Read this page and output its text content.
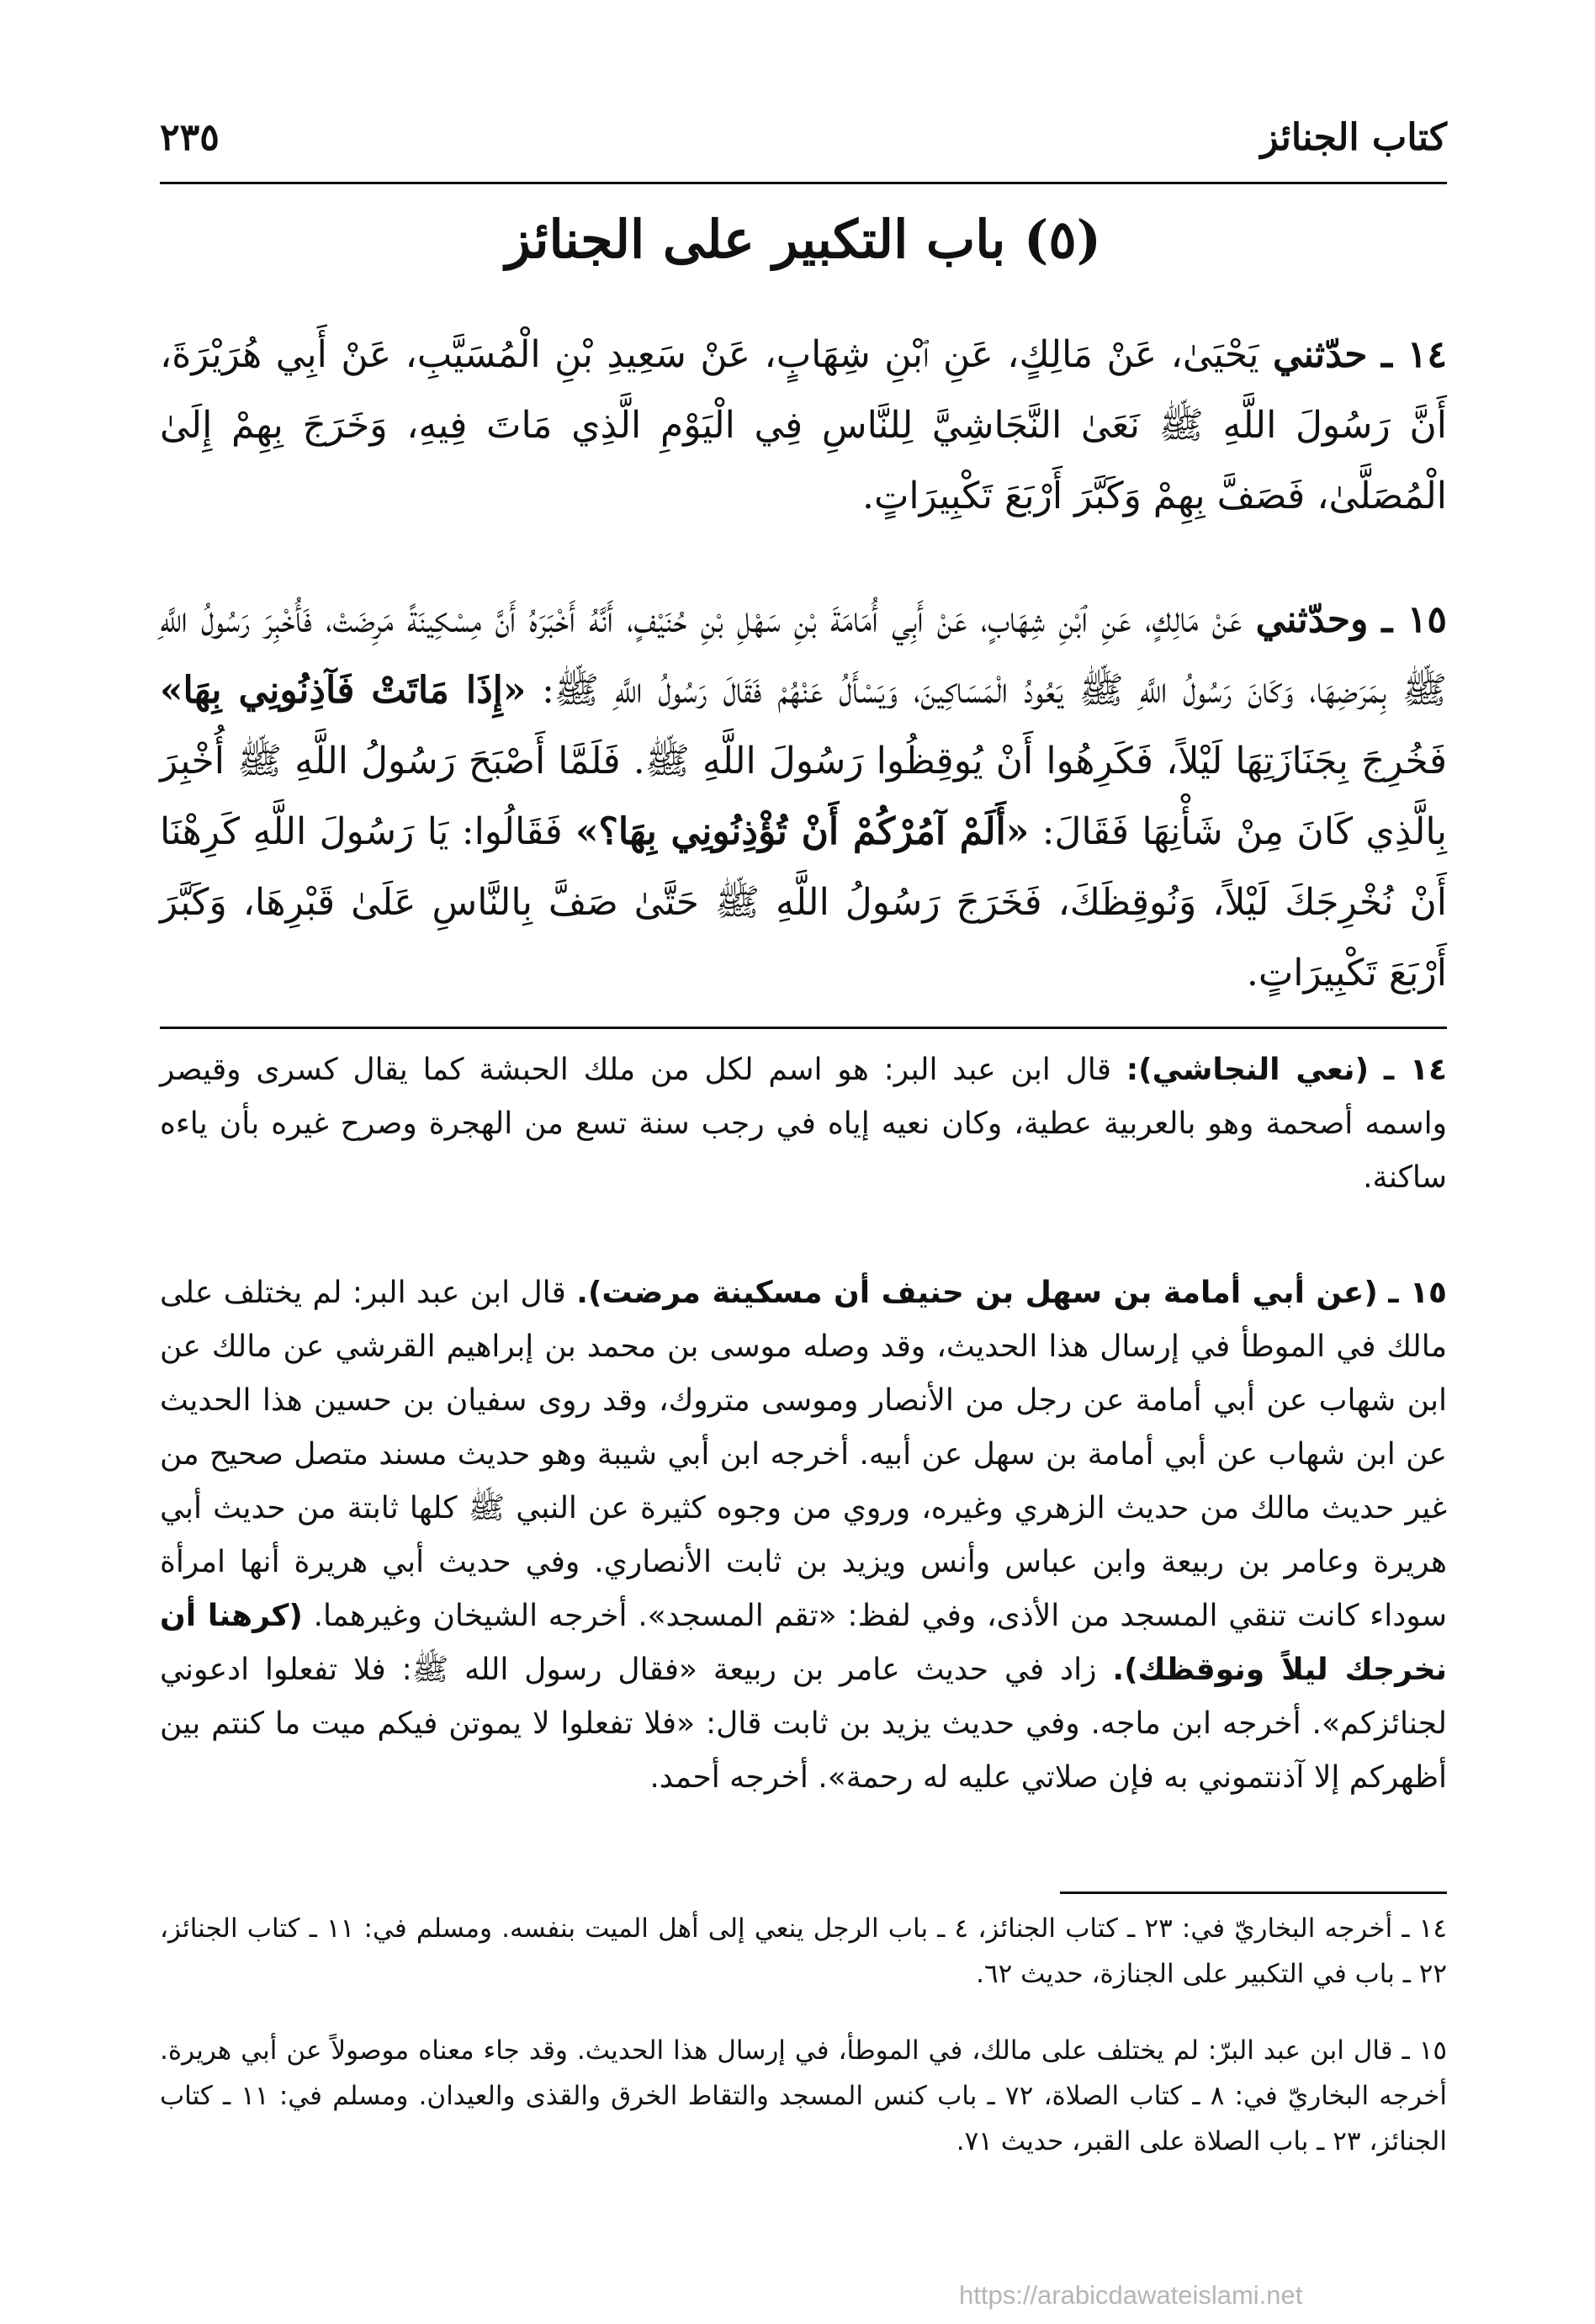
كتاب الجنائز
٢٣٥
(٥) باب التكبير على الجنائز

١٤ ـ حدّثني يَحْيَىٰ، عَنْ مَالِكٍ، عَنِ ٱبْنِ شِهَابٍ، عَنْ سَعِيدِ بْنِ الْمُسَيَّبِ، عَنْ أَبِي هُرَيْرَةَ، أَنَّ رَسُولَ اللَّهِ ﷺ نَعَىٰ النَّجَاشِيَّ لِلنَّاسِ فِي الْيَوْمِ الَّذِي مَاتَ فِيهِ، وَخَرَجَ بِهِمْ إِلَىٰ الْمُصَلَّىٰ، فَصَفَّ بِهِمْ وَكَبَّرَ أَرْبَعَ تَكْبِيرَاتٍ.

١٥ ـ وحدّثني عَنْ مَالِكٍ، عَنِ ٱبْنِ شِهَابٍ، عَنْ أَبِي أُمَامَةَ بْنِ سَهْلِ بْنِ حُنَيْفٍ، أَنَّهُ أَخْبَرَهُ أَنَّ مِسْكِينَةً مَرِضَتْ، فَأُخْبِرَ رَسُولُ اللَّهِ ﷺ بِمَرَضِهَا، وَكَانَ رَسُولُ اللَّهِ ﷺ يَعُودُ الْمَسَاكِينَ، وَيَسْأَلُ عَنْهُمْ فَقَالَ رَسُولُ اللَّهِ ﷺ: «إِذَا مَاتَتْ فَآذِنُونِي بِهَا» فَخُرِجَ بِجَنَازَتِهَا لَيْلاً، فَكَرِهُوا أَنْ يُوقِظُوا رَسُولَ اللَّهِ ﷺ. فَلَمَّا أَصْبَحَ رَسُولُ اللَّهِ ﷺ أُخْبِرَ بِالَّذِي كَانَ مِنْ شَأْنِهَا فَقَالَ: «أَلَمْ آمُرْكُمْ أَنْ تُؤْذِنُونِي بِهَا؟» فَقَالُوا: يَا رَسُولَ اللَّهِ كَرِهْنَا أَنْ نُخْرِجَكَ لَيْلاً، وَنُوقِظَكَ، فَخَرَجَ رَسُولُ اللَّهِ ﷺ حَتَّىٰ صَفَّ بِالنَّاسِ عَلَىٰ قَبْرِهَا، وَكَبَّرَ أَرْبَعَ تَكْبِيرَاتٍ.

١٤ ـ (نعي النجاشي): قال ابن عبد البر: هو اسم لكل من ملك الحبشة كما يقال كسرى وقيصر واسمه أصحمة وهو بالعربية عطية، وكان نعيه إياه في رجب سنة تسع من الهجرة وصرح غيره بأن ياءه ساكنة.

١٥ ـ (عن أبي أمامة بن سهل بن حنيف أن مسكينة مرضت). قال ابن عبد البر: لم يختلف على مالك في الموطأ في إرسال هذا الحديث، وقد وصله موسى بن محمد بن إبراهيم القرشي عن مالك عن ابن شهاب عن أبي أمامة عن رجل من الأنصار وموسى متروك، وقد روى سفيان بن حسين هذا الحديث عن ابن شهاب عن أبي أمامة بن سهل عن أبيه. أخرجه ابن أبي شيبة وهو حديث مسند متصل صحيح من غير حديث مالك من حديث الزهري وغيره، وروي من وجوه كثيرة عن النبي ﷺ كلها ثابتة من حديث أبي هريرة وعامر بن ربيعة وابن عباس وأنس ويزيد بن ثابت الأنصاري. وفي حديث أبي هريرة أنها امرأة سوداء كانت تنقي المسجد من الأذى، وفي لفظ: «تقم المسجد». أخرجه الشيخان وغيرهما. (كرهنا أن نخرجك ليلاً ونوقظك). زاد في حديث عامر بن ربيعة «فقال رسول الله ﷺ: فلا تفعلوا ادعوني لجنائزكم». أخرجه ابن ماجه. وفي حديث يزيد بن ثابت قال: «فلا تفعلوا لا يموتن فيكم ميت ما كنتم بين أظهركم إلا آذنتموني به فإن صلاتي عليه له رحمة». أخرجه أحمد.

١٤ ـ أخرجه البخاريّ في: ٢٣ ـ كتاب الجنائز، ٤ ـ باب الرجل ينعي إلى أهل الميت بنفسه. ومسلم في: ١١ ـ كتاب الجنائز، ٢٢ ـ باب في التكبير على الجنازة، حديث ٦٢.

١٥ ـ قال ابن عبد البرّ: لم يختلف على مالك، في الموطأ، في إرسال هذا الحديث. وقد جاء معناه موصولاً عن أبي هريرة. أخرجه البخاريّ في: ٨ ـ كتاب الصلاة، ٧٢ ـ باب كنس المسجد والتقاط الخرق والقذى والعيدان. ومسلم في: ١١ ـ كتاب الجنائز، ٢٣ ـ باب الصلاة على القبر، حديث ٧١.

https://arabicdawateislami.net
